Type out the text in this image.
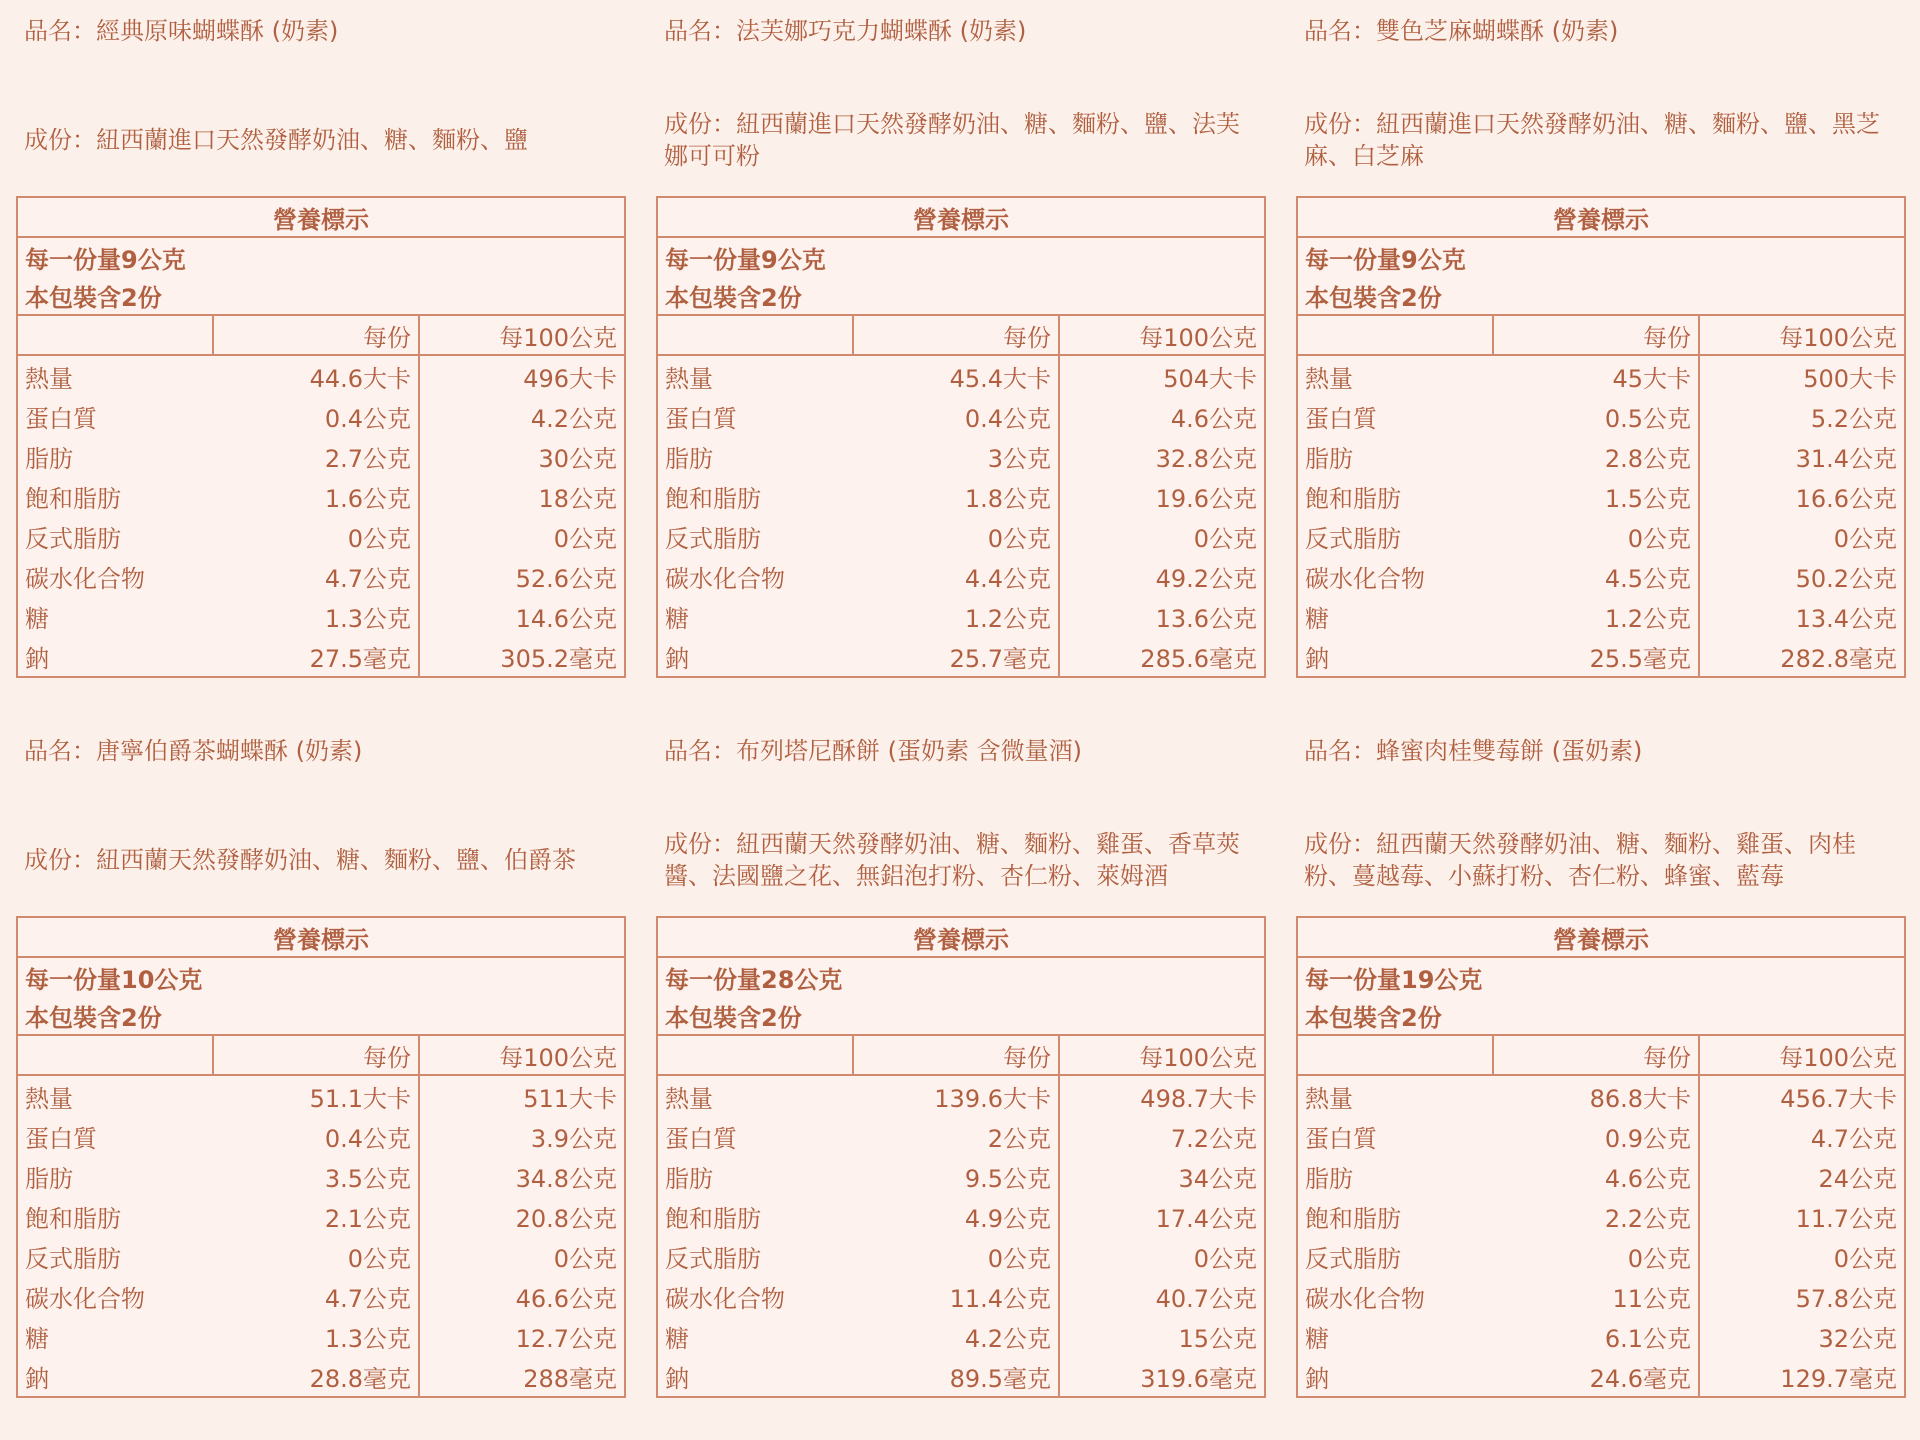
品名：經典原味蝴蝶酥 (奶素)
成份：紐西蘭進口天然發酵奶油、糖、麵粉、鹽
營養標示		
每一份量9公克		
本包裝含2份		
	每份	每100公克
熱量	44.6大卡	496大卡
蛋白質	0.4公克	4.2公克
脂肪	2.7公克	30公克
飽和脂肪	1.6公克	18公克
反式脂肪	0公克	0公克
碳水化合物	4.7公克	52.6公克
糖	1.3公克	14.6公克
鈉	27.5毫克	305.2毫克
品名：法芙娜巧克力蝴蝶酥 (奶素)
成份：紐西蘭進口天然發酵奶油、糖、麵粉、鹽、法芙娜可可粉
營養標示		
每一份量9公克		
本包裝含2份		
	每份	每100公克
熱量	45.4大卡	504大卡
蛋白質	0.4公克	4.6公克
脂肪	3公克	32.8公克
飽和脂肪	1.8公克	19.6公克
反式脂肪	0公克	0公克
碳水化合物	4.4公克	49.2公克
糖	1.2公克	13.6公克
鈉	25.7毫克	285.6毫克
品名：雙色芝麻蝴蝶酥 (奶素)
成份：紐西蘭進口天然發酵奶油、糖、麵粉、鹽、黑芝麻、白芝麻
營養標示		
每一份量9公克		
本包裝含2份		
	每份	每100公克
熱量	45大卡	500大卡
蛋白質	0.5公克	5.2公克
脂肪	2.8公克	31.4公克
飽和脂肪	1.5公克	16.6公克
反式脂肪	0公克	0公克
碳水化合物	4.5公克	50.2公克
糖	1.2公克	13.4公克
鈉	25.5毫克	282.8毫克
品名：唐寧伯爵茶蝴蝶酥 (奶素)
成份：紐西蘭天然發酵奶油、糖、麵粉、鹽、伯爵茶
營養標示		
每一份量10公克		
本包裝含2份		
	每份	每100公克
熱量	51.1大卡	511大卡
蛋白質	0.4公克	3.9公克
脂肪	3.5公克	34.8公克
飽和脂肪	2.1公克	20.8公克
反式脂肪	0公克	0公克
碳水化合物	4.7公克	46.6公克
糖	1.3公克	12.7公克
鈉	28.8毫克	288毫克
品名：布列塔尼酥餅 (蛋奶素 含微量酒)
成份：紐西蘭天然發酵奶油、糖、麵粉、雞蛋、香草莢醬、法國鹽之花、無鋁泡打粉、杏仁粉、萊姆酒
營養標示		
每一份量28公克		
本包裝含2份		
	每份	每100公克
熱量	139.6大卡	498.7大卡
蛋白質	2公克	7.2公克
脂肪	9.5公克	34公克
飽和脂肪	4.9公克	17.4公克
反式脂肪	0公克	0公克
碳水化合物	11.4公克	40.7公克
糖	4.2公克	15公克
鈉	89.5毫克	319.6毫克
品名：蜂蜜肉桂雙莓餅 (蛋奶素)
成份：紐西蘭天然發酵奶油、糖、麵粉、雞蛋、肉桂粉、蔓越莓、小蘇打粉、杏仁粉、蜂蜜、藍莓
營養標示		
每一份量19公克		
本包裝含2份		
	每份	每100公克
熱量	86.8大卡	456.7大卡
蛋白質	0.9公克	4.7公克
脂肪	4.6公克	24公克
飽和脂肪	2.2公克	11.7公克
反式脂肪	0公克	0公克
碳水化合物	11公克	57.8公克
糖	6.1公克	32公克
鈉	24.6毫克	129.7毫克
